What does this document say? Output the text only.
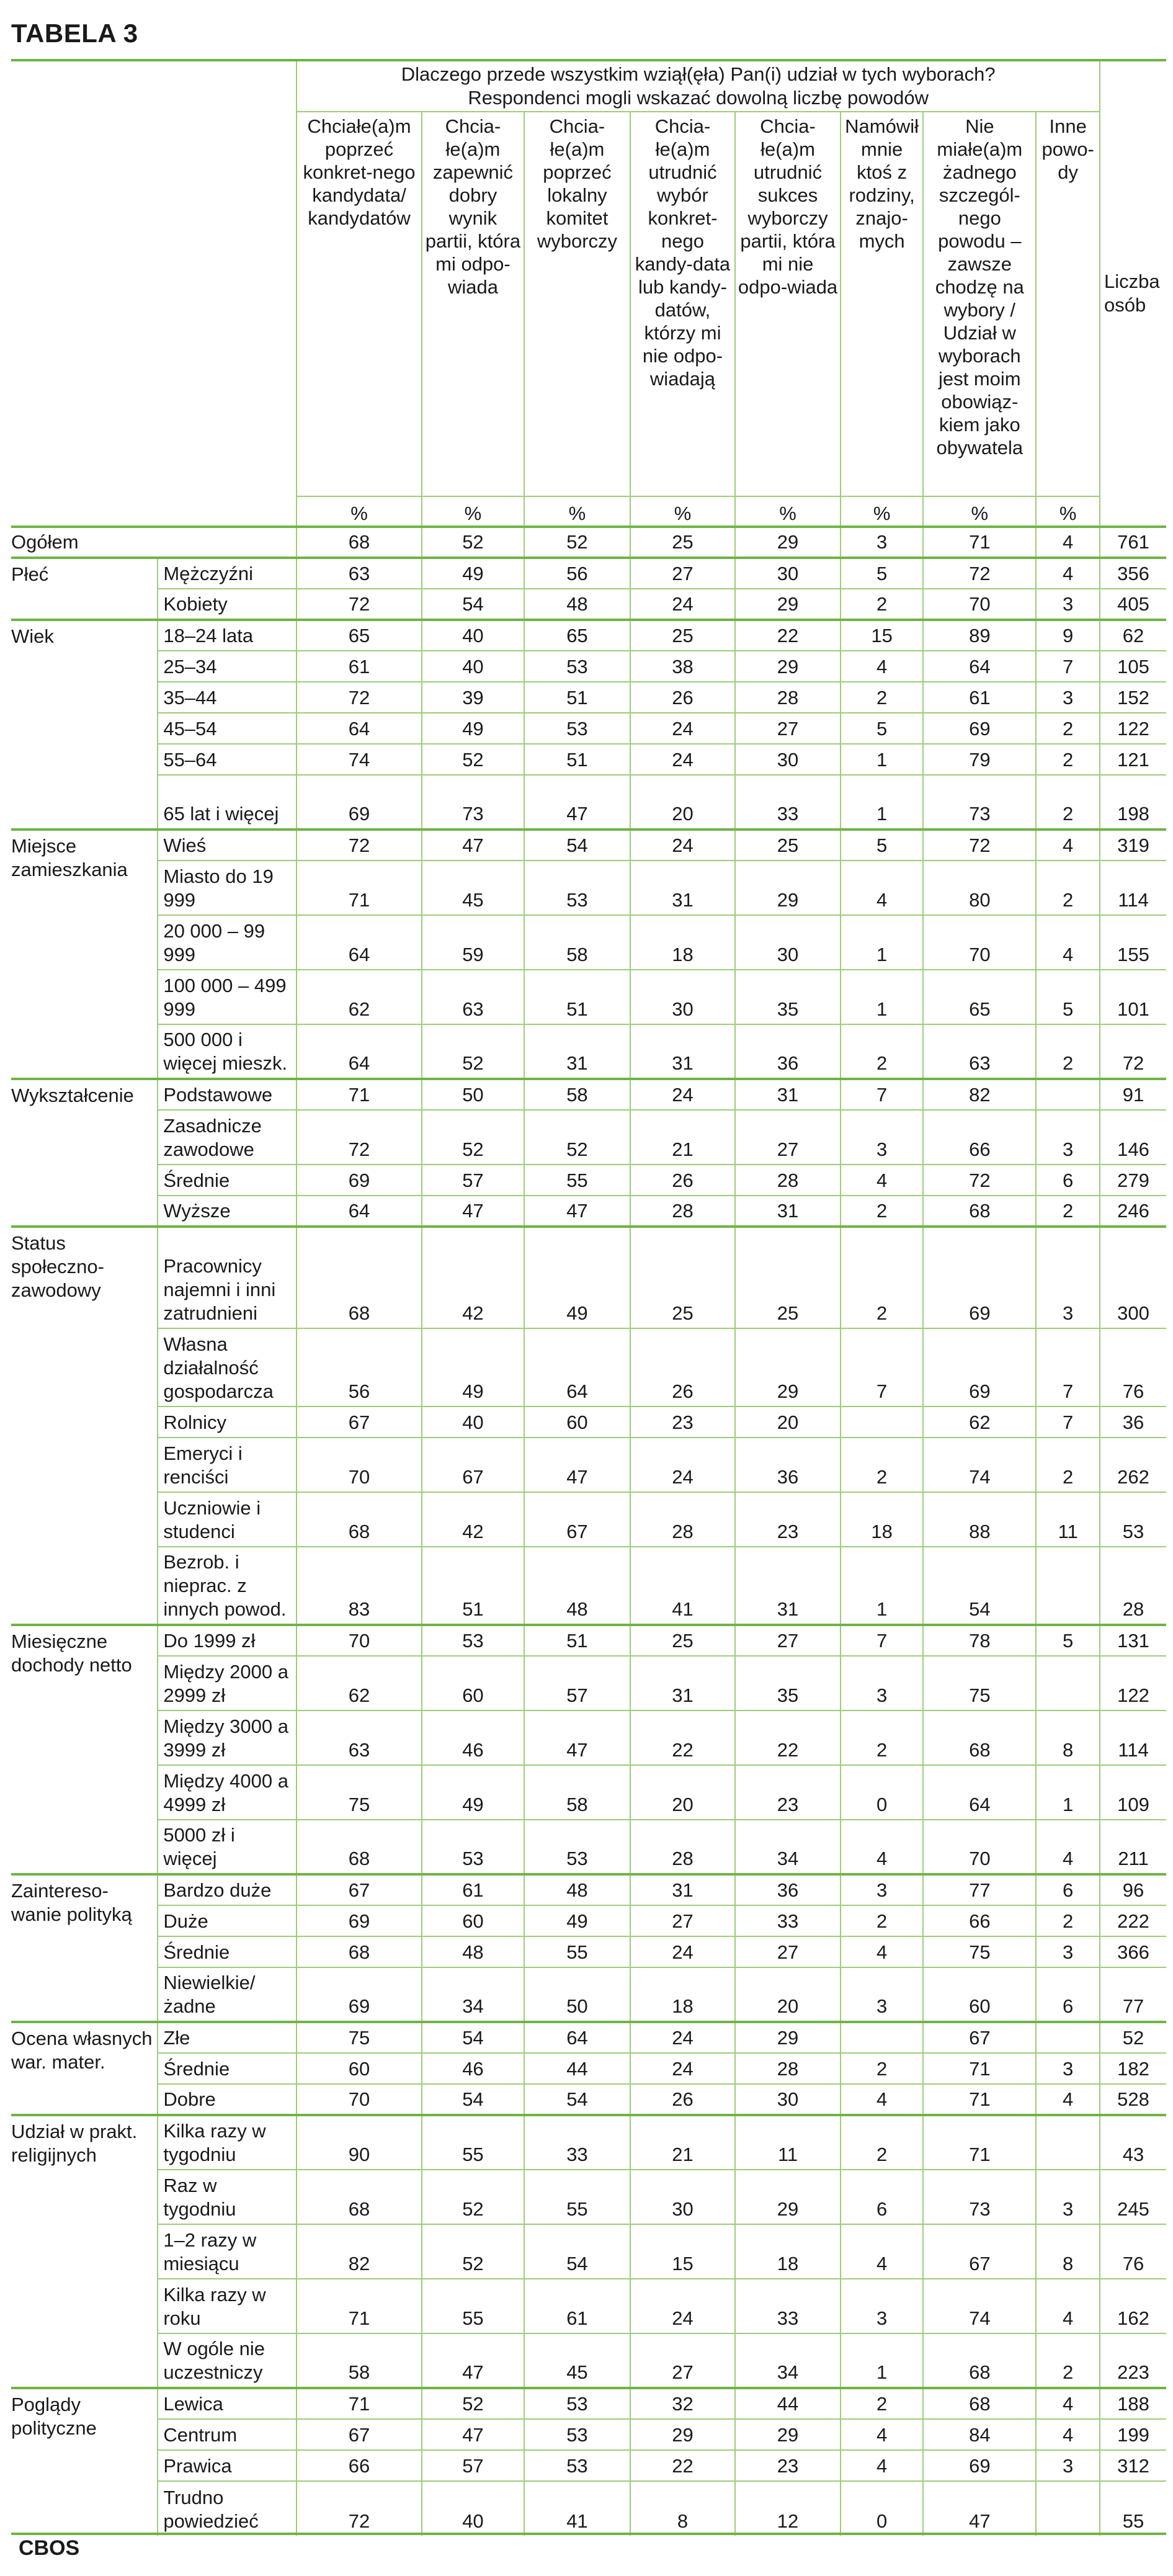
TABELA 3

		Dlaczego przede wszystkim wziął(ęła) Pan(i) udział w tych wyborach?
Respondenci mogli wskazać dowolną liczbę powodów								Liczba osób
		Chciałe(a)m poprzeć konkret-nego kandydata/ kandydatów	Chcia-łe(a)m zapewnić dobry wynik partii, która mi odpo-wiada	Chcia-łe(a)m poprzeć lokalny komitet wyborczy	Chcia-łe(a)m utrudnić wybór konkret-nego kandy-data lub kandy-datów, którzy mi nie odpo-wiadają	Chcia-łe(a)m utrudnić sukces wyborczy partii, która mi nie odpo-wiada	Namówił mnie ktoś z rodziny, znajo-mych	Nie miałe(a)m żadnego szczegól-nego powodu – zawsze chodzę na wybory / Udział w wyborach jest moim obowiąz-kiem jako obywatela	Inne powo-dy	
		%	%	%	%	%	%	%	%	
Ogółem		68	52	52	25	29	3	71	4	761
Płeć	Mężczyźni	63	49	56	27	30	5	72	4	356
	Kobiety	72	54	48	24	29	2	70	3	405
Wiek	18–24 lata	65	40	65	25	22	15	89	9	62
	25–34	61	40	53	38	29	4	64	7	105
	35–44	72	39	51	26	28	2	61	3	152
	45–54	64	49	53	24	27	5	69	2	122
	55–64	74	52	51	24	30	1	79	2	121
	65 lat i więcej	69	73	47	20	33	1	73	2	198
Miejsce zamieszkania	Wieś	72	47	54	24	25	5	72	4	319
	Miasto do 19 999	71	45	53	31	29	4	80	2	114
	20 000 – 99 999	64	59	58	18	30	1	70	4	155
	100 000 – 499 999	62	63	51	30	35	1	65	5	101
	500 000 i więcej mieszk.	64	52	31	31	36	2	63	2	72
Wykształcenie	Podstawowe	71	50	58	24	31	7	82		91
	Zasadnicze zawodowe	72	52	52	21	27	3	66	3	146
	Średnie	69	57	55	26	28	4	72	6	279
	Wyższe	64	47	47	28	31	2	68	2	246
Status społeczno-zawodowy	Pracownicy najemni i inni zatrudnieni	68	42	49	25	25	2	69	3	300
	Własna działalność gospodarcza	56	49	64	26	29	7	69	7	76
	Rolnicy	67	40	60	23	20		62	7	36
	Emeryci i renciści	70	67	47	24	36	2	74	2	262
	Uczniowie i studenci	68	42	67	28	23	18	88	11	53
	Bezrob. i nieprac. z innych powod.	83	51	48	41	31	1	54		28
Miesięczne dochody netto	Do 1999 zł	70	53	51	25	27	7	78	5	131
	Między 2000 a 2999 zł	62	60	57	31	35	3	75		122
	Między 3000 a 3999 zł	63	46	47	22	22	2	68	8	114
	Między 4000 a 4999 zł	75	49	58	20	23	0	64	1	109
	5000 zł i więcej	68	53	53	28	34	4	70	4	211
Zaintereso-wanie polityką	Bardzo duże	67	61	48	31	36	3	77	6	96
	Duże	69	60	49	27	33	2	66	2	222
	Średnie	68	48	55	24	27	4	75	3	366
	Niewielkie/ żadne	69	34	50	18	20	3	60	6	77
Ocena własnych war. mater.	Złe	75	54	64	24	29		67		52
	Średnie	60	46	44	24	28	2	71	3	182
	Dobre	70	54	54	26	30	4	71	4	528
Udział w prakt. religijnych	Kilka razy w tygodniu	90	55	33	21	11	2	71		43
	Raz w tygodniu	68	52	55	30	29	6	73	3	245
	1–2 razy w miesiącu	82	52	54	15	18	4	67	8	76
	Kilka razy w roku	71	55	61	24	33	3	74	4	162
	W ogóle nie uczestniczy	58	47	45	27	34	1	68	2	223
Poglądy polityczne	Lewica	71	52	53	32	44	2	68	4	188
	Centrum	67	47	53	29	29	4	84	4	199
	Prawica	66	57	53	22	23	4	69	3	312
	Trudno powiedzieć	72	40	41	8	12	0	47		55
CBOS
